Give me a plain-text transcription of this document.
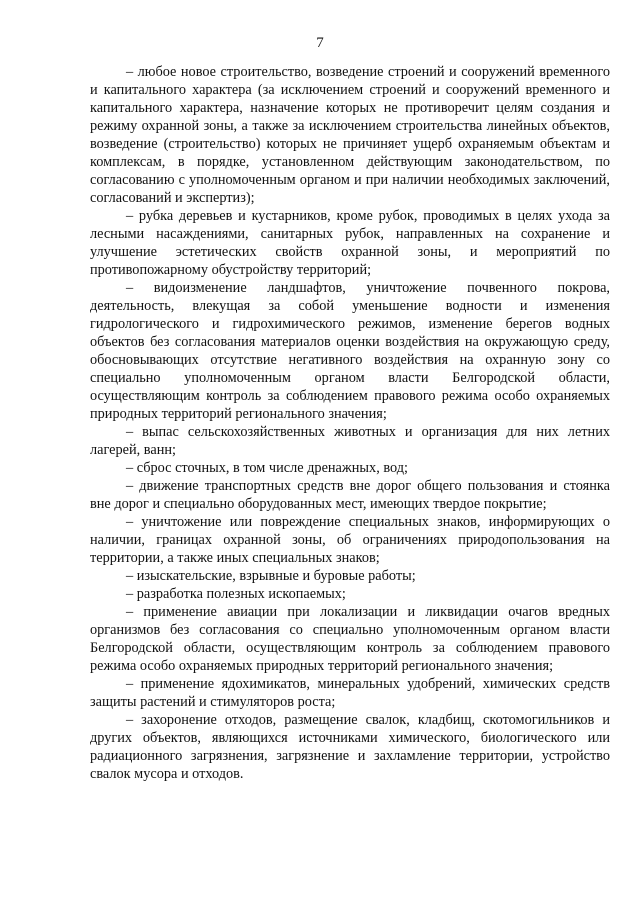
7

– любое новое строительство, возведение строений и сооружений временного и капитального характера (за исключением строений и сооружений временного и капитального характера, назначение которых не противоречит целям создания и режиму охранной зоны, а также за исключением строительства линейных объектов, возведение (строительство) которых не причиняет ущерб охраняемым объектам и комплексам, в порядке, установленном действующим законодательством, по согласованию с уполномоченным органом и при наличии необходимых заключений, согласований и экспертиз);

– рубка деревьев и кустарников, кроме рубок, проводимых в целях ухода за лесными насаждениями, санитарных рубок, направленных на сохранение и улучшение эстетических свойств охранной зоны, и мероприятий по противопожарному обустройству территорий;

– видоизменение ландшафтов, уничтожение почвенного покрова, деятельность, влекущая за собой уменьшение водности и изменения гидрологического и гидрохимического режимов, изменение берегов водных объектов без согласования материалов оценки воздействия на окружающую среду, обосновывающих отсутствие негативного воздействия на охранную зону со специально уполномоченным органом власти Белгородской области, осуществляющим контроль за соблюдением правового режима особо охраняемых природных территорий регионального значения;

– выпас сельскохозяйственных животных и организация для них летних лагерей, ванн;

– сброс сточных, в том числе дренажных, вод;

– движение транспортных средств вне дорог общего пользования и стоянка вне дорог и специально оборудованных мест, имеющих твердое покрытие;

– уничтожение или повреждение специальных знаков, информирующих о наличии, границах охранной зоны, об ограничениях природопользования на территории, а также иных специальных знаков;

– изыскательские, взрывные и буровые работы;

– разработка полезных ископаемых;

– применение авиации при локализации и ликвидации очагов вредных организмов без согласования со специально уполномоченным органом власти Белгородской области, осуществляющим контроль за соблюдением правового режима особо охраняемых природных территорий регионального значения;

– применение ядохимикатов, минеральных удобрений, химических средств защиты растений и стимуляторов роста;

– захоронение отходов, размещение свалок, кладбищ, скотомогильников и других объектов, являющихся источниками химического, биологического или радиационного загрязнения, загрязнение и захламление территории, устройство свалок мусора и отходов.
